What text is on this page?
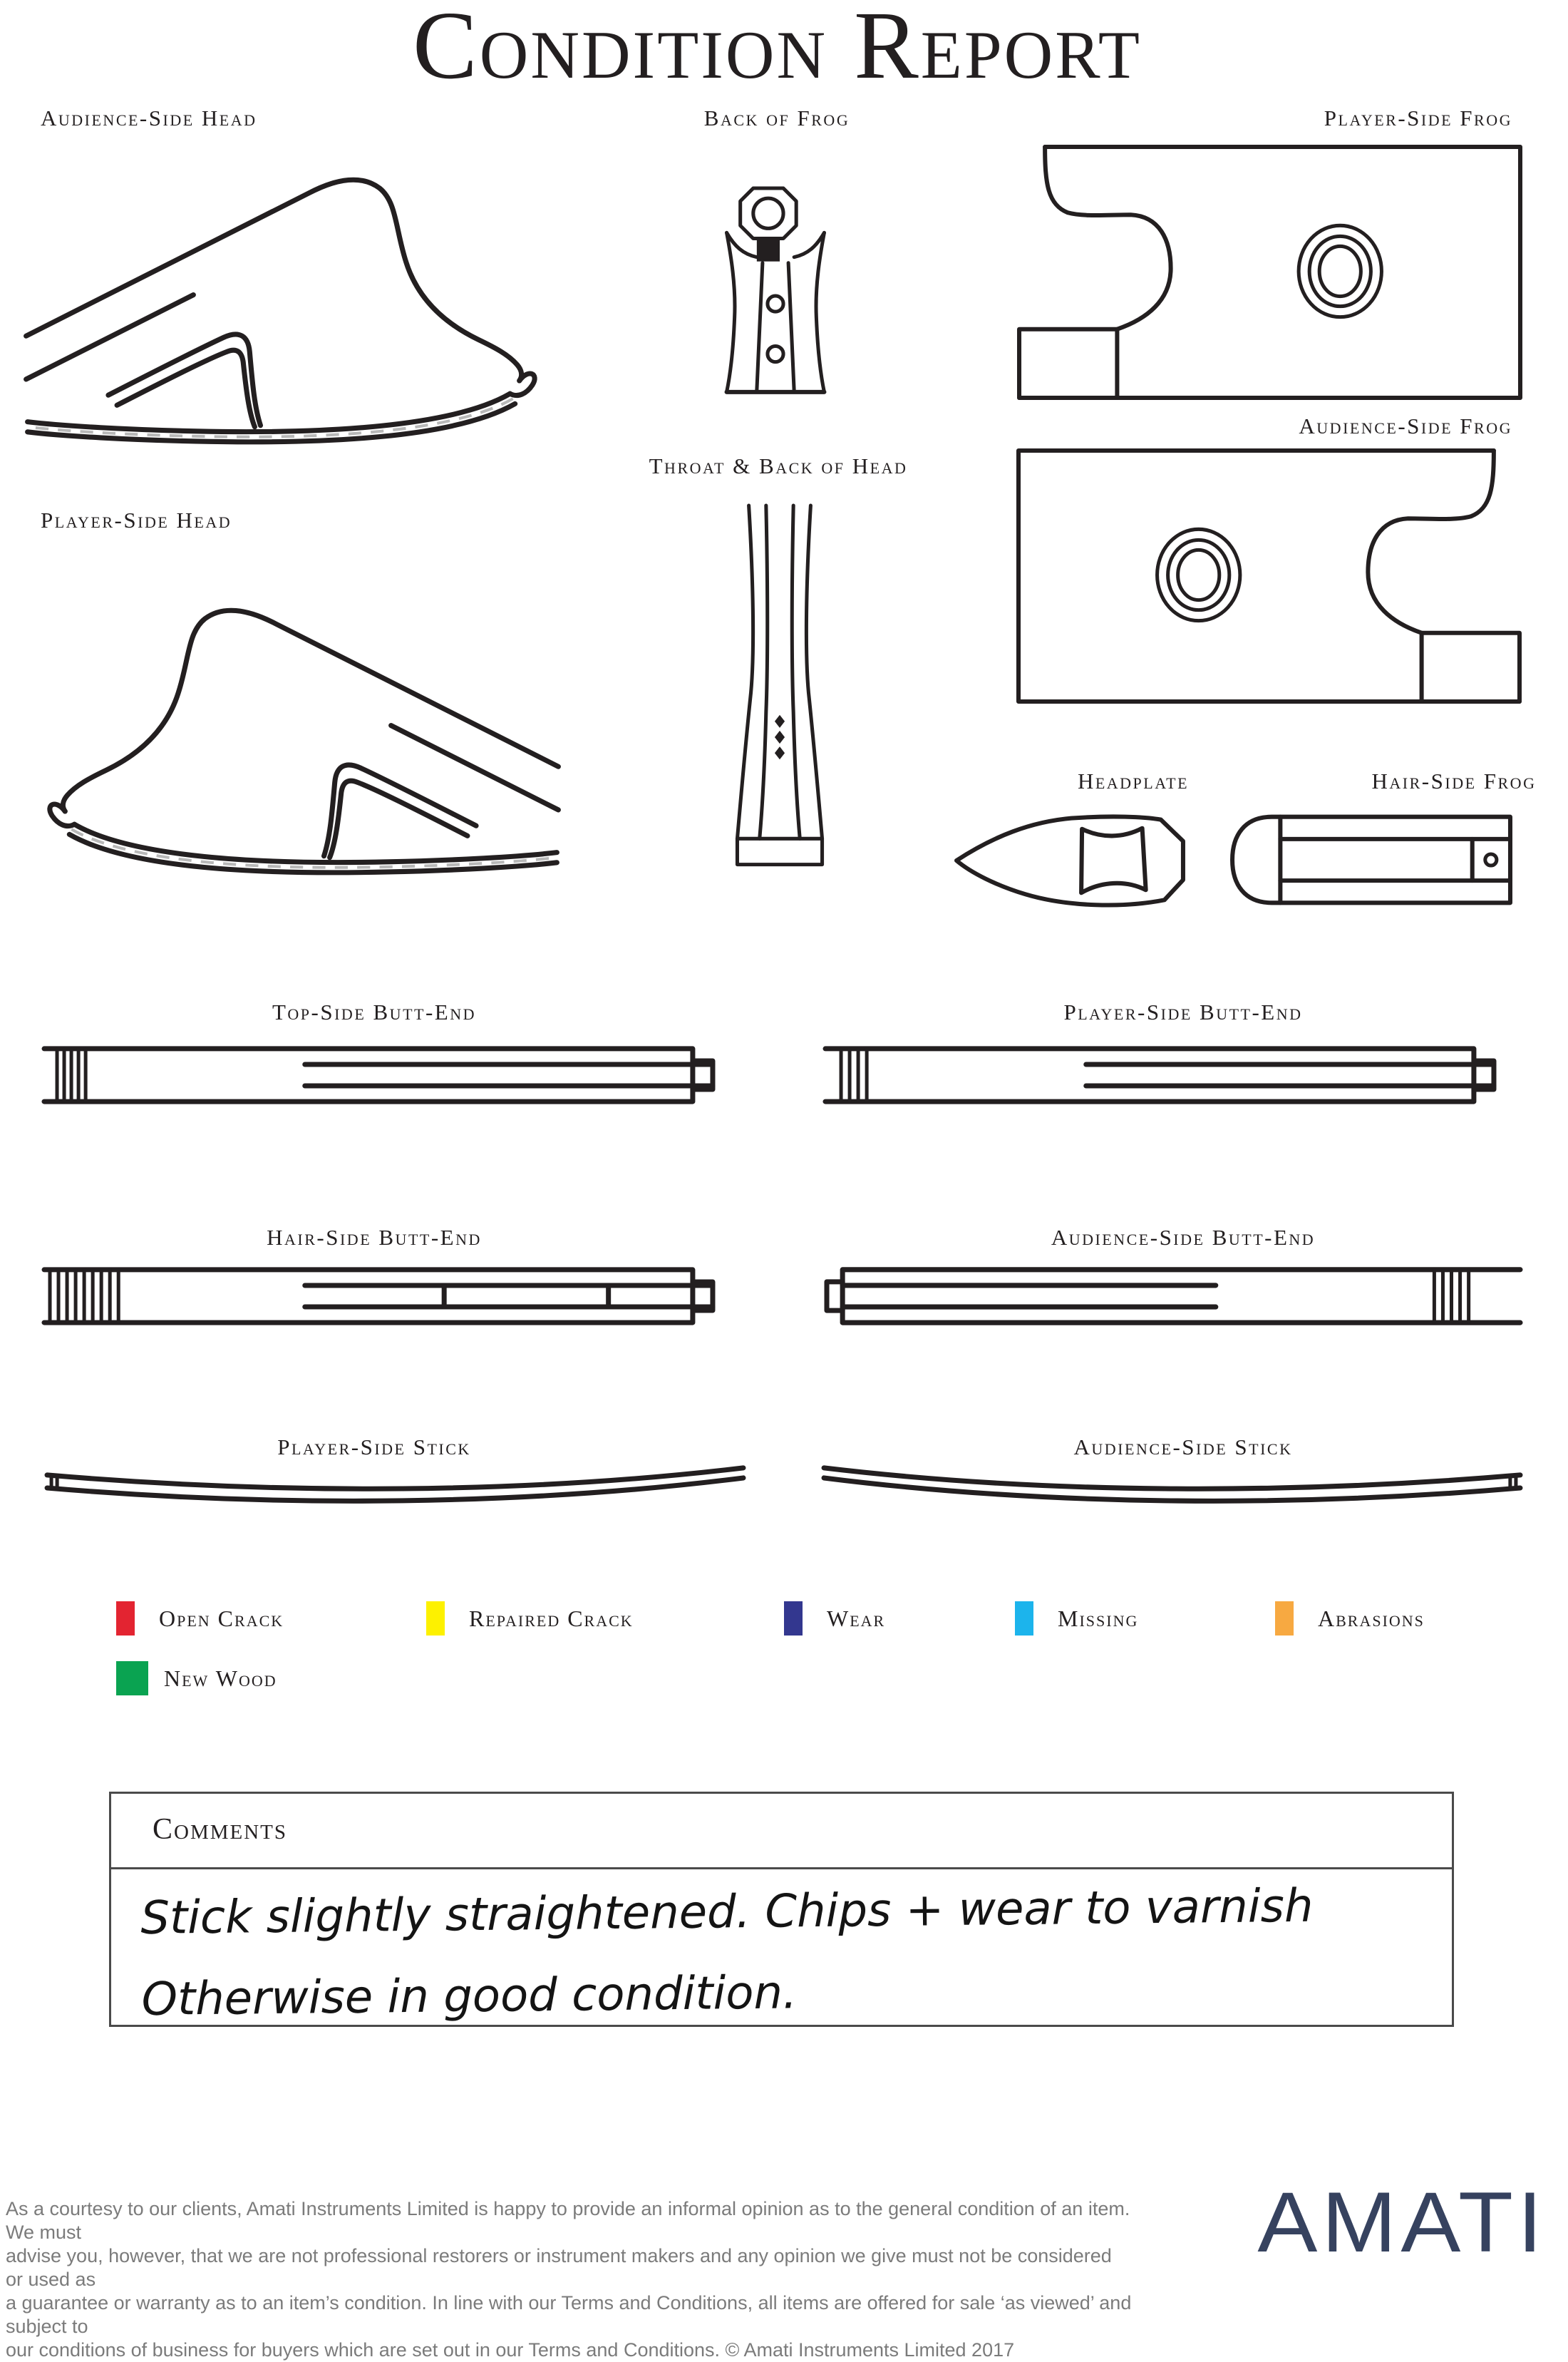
Condition Report
Audience-Side Head	Back of Frog	Player-Side Frog
Audience-Side Frog
Player-Side Head
Throat & Back of Head
Headplate	Hair-Side Frog
Top-Side Butt-End	Player-Side Butt-End
Hair-Side Butt-End	Audience-Side Butt-End
Player-Side Stick	Audience-Side Stick
Open Crack	Repaired Crack	Wear	Missing	Abrasions
New Wood
Comments
Stick slightly straightened. Chips + wear to varnish
Otherwise in good condition.
As a courtesy to our clients, Amati Instruments Limited is happy to provide an informal opinion as to the general condition of an item. We must
advise you, however, that we are not professional restorers or instrument makers and any opinion we give must not be considered or used as
a guarantee or warranty as to an item’s condition. In line with our Terms and Conditions, all items are offered for sale ‘as viewed’ and subject to
our conditions of business for buyers which are set out in our Terms and Conditions. © Amati Instruments Limited 2017
AMATI
